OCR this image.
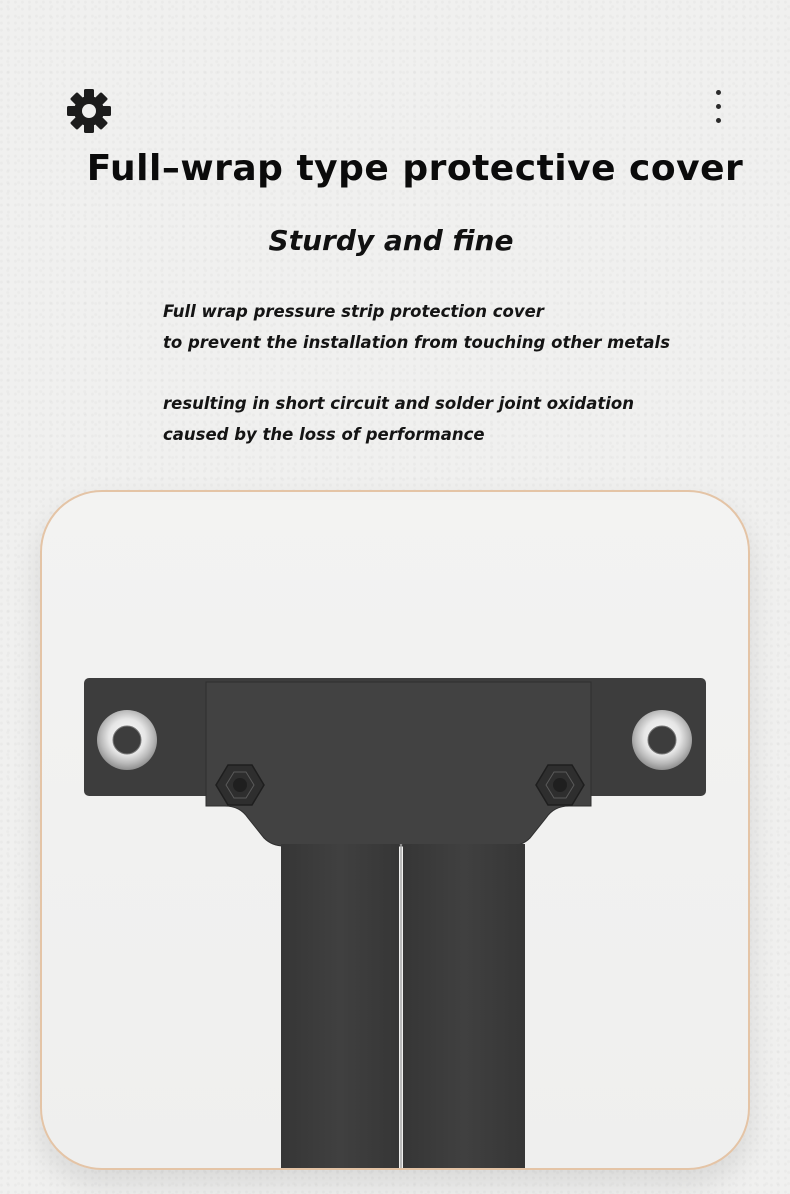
Full–wrap type protective cover
Sturdy and fine

Full wrap pressure strip protection cover

to prevent the installation from touching other metals

resulting in short circuit and solder joint oxidation

caused by the loss of performance
